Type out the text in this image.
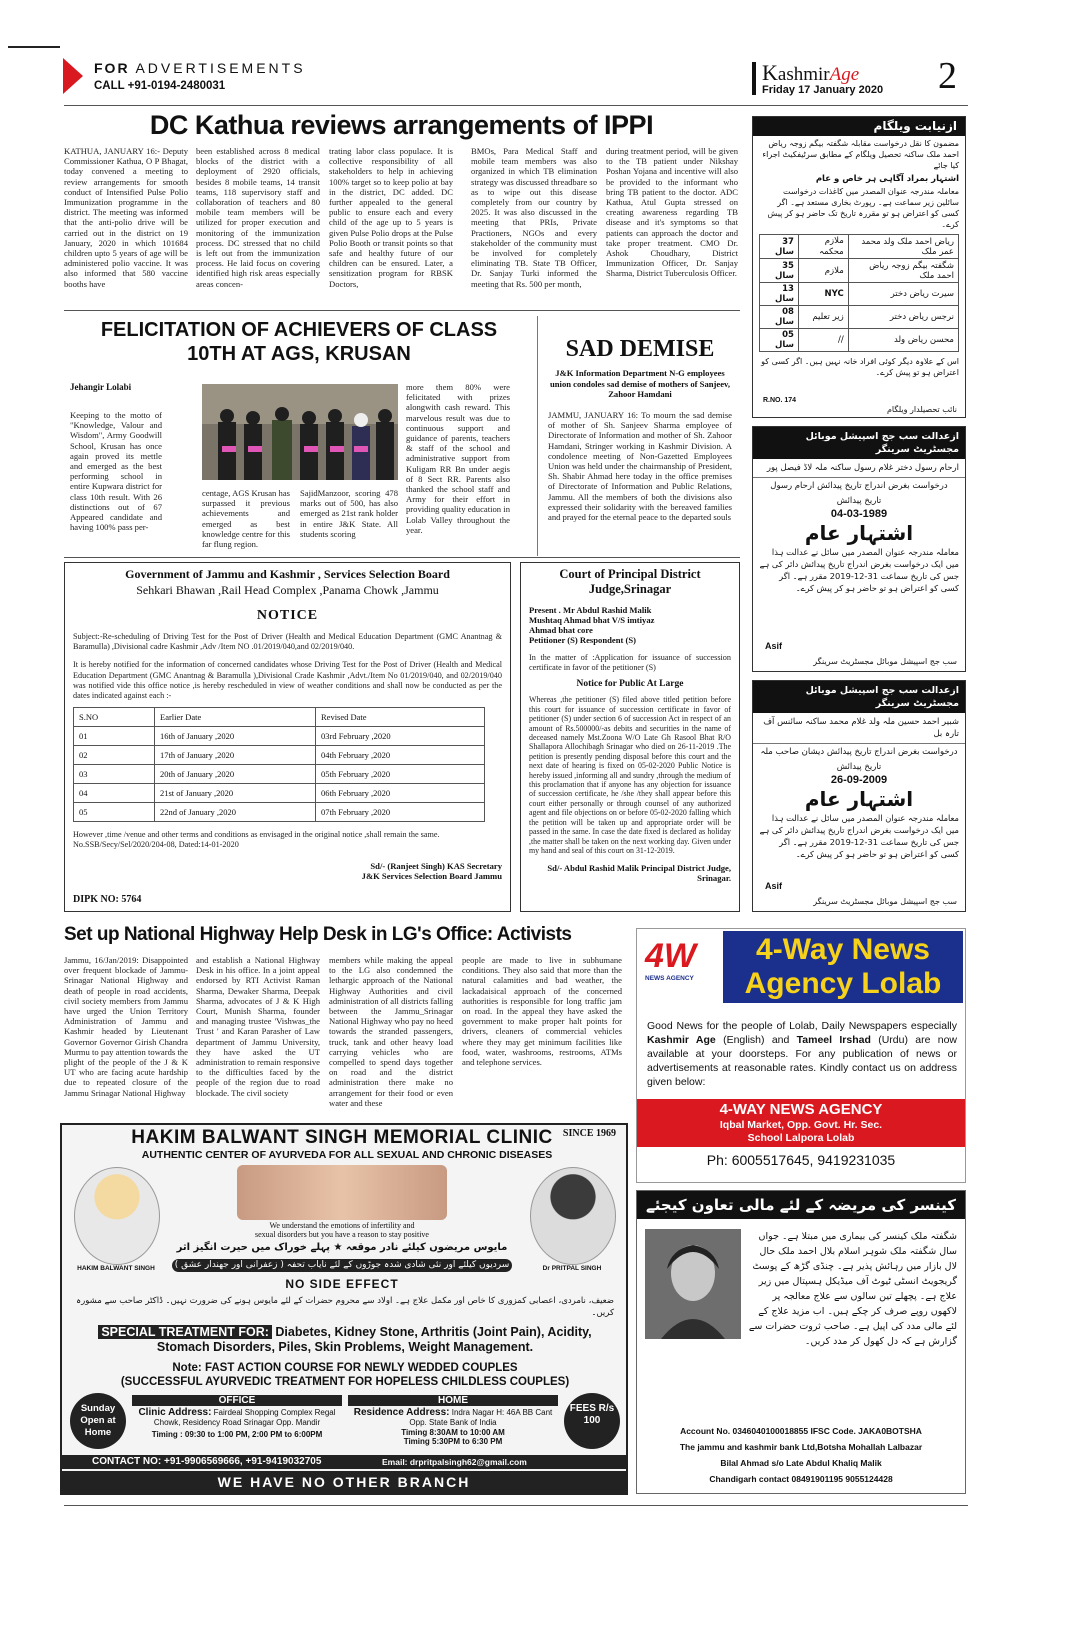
FOR ADVERTISEMENTS
CALL +91-0194-2480031
KashmirAge
Friday 17 January 2020 2
DC Kathua reviews arrangements of IPPI
KATHUA, JANUARY 16:- Deputy Commissioner Kathua, O P Bhagat, today convened a meeting to review arrangements for smooth conduct of Intensified Pulse Polio Immunization programme in the district. The meeting was informed that the anti-polio drive will be carried out in the district on 19 January, 2020 in which 101684 children upto 5 years of age will be administered polio vaccine. It was also informed that 580 vaccine booths have
been established across 8 medical blocks of the district with a deployment of 2920 officials, besides 8 mobile teams, 14 transit teams, 118 supervisory staff and collaboration of teachers and 80 mobile team members will be utilized for proper execution and monitoring of the immunization process. DC stressed that no child is left out from the immunization process. He laid focus on covering identified high risk areas especially areas concen-
trating labor class populace. It is collective responsibility of all stakeholders to help in achieving 100% target so to keep polio at bay in the district, DC added. DC further appealed to the general public to ensure each and every child of the age up to 5 years is given Pulse Polio drops at the Pulse Polio Booth or transit points so that safe and healthy future of our children can be ensured. Later, a sensitization program for RBSK Doctors,
BMOs, Para Medical Staff and mobile team members was also organized in which TB elimination strategy was discussed threadbare so as to wipe out this disease completely from our country by 2025. It was also discussed in the meeting that PRIs, Private Practioners, NGOs and every stakeholder of the community must be involved for completely eliminating TB. State TB Officer, Dr. Sanjay Turki informed the meeting that Rs. 500 per month,
during treatment period, will be given to the TB patient under Nikshay Poshan Yojana and incentive will also be provided to the informant who bring TB patient to the doctor. ADC Kathua, Atul Gupta stressed on creating awareness regarding TB disease and it's symptoms so that patients can approach the doctor and take proper treatment. CMO Dr. Ashok Choudhary, District Immunization Officer, Dr. Sanjay Sharma, District Tuberculosis Officer.
FELICITATION OF ACHIEVERS OF CLASS
10TH AT AGS, KRUSAN
Jehangir Lolabi
Keeping to the motto of "Knowledge, Valour and Wisdom", Army Goodwill School, Krusan has once again proved its mettle and emerged as the best performing school in entire Kupwara district for class 10th result. With 26 distinctions out of 67 Appeared candidate and having 100% pass per-
centage, AGS Krusan has surpassed it previous achievements and emerged as best knowledge centre for this far flung region.
SajidManzoor, scoring 478 marks out of 500, has also emerged as 21st rank holder in entire J&K State. All students scoring
more them 80% were felicitated with prizes alongwith cash reward. This marvelous result was due to continuous support and guidance of parents, teachers & staff of the school and administrative support from Kuligam RR Bn under aegis of 8 Sect RR. Parents also thanked the school staff and Army for their effort in providing quality education in Lolab Valley throughout the year.
SAD DEMISE
J&K Information Department N-G employees union condoles sad demise of mothers of Sanjeev, Zahoor Hamdani
JAMMU, JANUARY 16: To mourn the sad demise of mother of Sh. Sanjeev Sharma employee of Directorate of Information and mother of Sh. Zahoor Hamdani, Stringer working in Kashmir Division. A condolence meeting of Non-Gazetted Employees Union was held under the chairmanship of President, Sh. Shabir Ahmad here today in the office premises of Directorate of Information and Public Relations, Jammu. All the members of both the divisions also expressed their solidarity with the bereaved families and prayed for the eternal peace to the departed souls
Government of Jammu and Kashmir , Services Selection Board
Sehkari Bhawan ,Rail Head Complex ,Panama Chowk ,Jammu
NOTICE
Subject:-Re-scheduling of Driving Test for the Post of Driver (Health and Medical Education Department (GMC Anantnag & Baramulla) ,Divisional cadre Kashmir ,Adv /Item NO .01/2019/040,and 02/2019/040.
It is hereby notified for the information of concerned candidates whose Driving Test for the Post of Driver (Health and Medical Education Department (GMC Anantnag & Baramulla ),Divisional Crade Kashmir ,Advt./Item No 01/2019/040, and 02/2019/040 was notified vide this office notice ,is hereby rescheduled in view of weather conditions and shall now be conducted as per the dates indicated against each :-
S.NO	Earlier Date	Revised Date
01	16th of January ,2020	03rd February ,2020
02	17th of January ,2020	04th February ,2020
03	20th of January ,2020	05th February ,2020
04	21st of January ,2020	06th February ,2020
05	22nd of January ,2020	07th February ,2020
However ,time /venue and other terms and conditions as envisaged in the original notice ,shall remain the same.
No.SSB/Secy/Sel/2020/204-08, Dated:14-01-2020
Sd/- (Ranjeet Singh) KAS Secretary
J&K Services Selection Board Jammu
DIPK NO: 5764
Court of Principal District
Judge,Srinagar
Present . Mr Abdul Rashid Malik
Mushtaq Ahmad bhat V/S imtiyaz
Ahmad bhat core
Petitioner (S) Respondent (S)
In the matter of :Application for issuance of succession certificate in favor of the petitioner (S)
Notice for Public At Large
Whereas ,the petitioner (S) filed above titled petition before this court for issuance of succession certificate in favor of petitioner (S) under section 6 of succession Act in respect of an amount of Rs.500000/-as debits and securities in the name of deceased namely Mst.Zoona W/O Late Gh Rasool Bhat R/O Shallapora Allochibagh Srinagar who died on 26-11-2019 .The petition is presently pending disposal before this court and the next date of hearing is fixed on 05-02-2020 Public Notice is hereby issued ,informing all and sundry ,through the medium of this proclamation that if anyone has any objection for issuance of succession certificate, he /she /they shall appear before this court either personally or through counsel of any authorized agent and file objections on or before 05-02-2020 falling which the petition will be taken up and appropriate order will be passed in the same. In case the date fixed is declared as holiday ,the matter shall be taken on the next working day. Given under my hand and seal of this court on 31-12-2019.
Sd/- Abdul Rashid Malik Principal District Judge, Srinagar.
Set up National Highway Help Desk in LG's Office: Activists
Jammu, 16/Jan/2019: Disappointed over frequent blockade of Jammu-Srinagar National Highway and death of people in road accidents, civil society members from Jammu have urged the Union Territory Administration of Jammu and Kashmir headed by Lieutenant Governor Governor Girish Chandra Murmu to pay attention towards the plight of the people of the J & K UT who are facing acute hardship due to repeated closure of the Jammu Srinagar National Highway
and establish a National Highway Desk in his office. In a joint appeal endorsed by RTI Activist Raman Sharma, Dewaker Sharma, Deepak Sharma, advocates of J & K High Court, Munish Sharma, founder and managing trustee 'Vishwas_the Trust ' and Karan Parasher of Law department of Jammu University, they have asked the UT administration to remain responsive to the difficulties faced by the people of the region due to road blockade. The civil society
members while making the appeal to the LG also condemned the lethargic approach of the National Highway Authorities and civil administration of all districts falling between the Jammu_Srinagar National Highway who pay no heed towards the stranded passengers, truck, tank and other heavy load carrying vehicles who are compelled to spend days together on road and the district administration there make no arrangement for their food or even water and these
people are made to live in subhumane conditions. They also said that more than the natural calamities and bad weather, the lackadaisical approach of the concerned authorities is responsible for long traffic jam on road. In the appeal they have asked the government to make proper halt points for drivers, cleaners of commercial vehicles where they may get minimum facilities like food, water, washrooms, restrooms, ATMs and telephone services.
HAKIM BALWANT SINGH MEMORIAL CLINIC	SINCE 1969
AUTHENTIC CENTER OF AYURVEDA FOR ALL SEXUAL AND CHRONIC DISEASES
HAKIM BALWANT SINGH	Dr PRITPAL SINGH
We understand the emotions of infertility and
sexual disorders but you have a reason to stay positive
مایوس مریضوں کیلئے نادر موقعہ ★ پہلے خوراک میں حیرت انگیز اثر
سردیوں کیلئے اور نئی شادی شدہ جوڑوں کے لئے نایاب تحفہ ( زعفرانی اور جھندار عشق )
NO SIDE EFFECT
ضعیف، نامردی، اعصابی کمزوری کا خاص اور مکمل علاج ہے۔ اولاد سے محروم حضرات کے لئے مایوس ہونے کی ضرورت نہیں۔ ڈاکٹر صاحب سے مشورہ کریں۔
SPECIAL TREATMENT FOR: Diabetes, Kidney Stone, Arthritis (Joint Pain), Acidity,
Stomach Disorders, Piles, Skin Problems, Weight Management.
Note: FAST ACTION COURSE FOR NEWLY WEDDED COUPLES
(SUCCESSFUL AYURVEDIC TREATMENT FOR HOPELESS CHILDLESS COUPLES)
Sunday Open at Home
OFFICE
Clinic Address: Fairdeal Shopping Complex Regal Chowk, Residency Road Srinagar Opp. Mandir
Timing : 09:30 to 1:00 PM, 2:00 PM to 6:00PM
HOME
Residence Address: Indra Nagar H: 46A BB Cant Opp. State Bank of India
Timing 8:30AM to 10:00 AM
Timing 5:30PM to 6:30 PM
FEES R/s 100
CONTACT NO: +91-9906569666, +91-9419032705	Email: drpritpalsingh62@gmail.com
WE HAVE NO OTHER BRANCH
ازنیابت ویلگام
مضمون کا نقل درخواست مقابلہ شگفتہ بیگم زوجہ ریاض احمد ملک ساکنہ تحصیل ویلگام کے مطابق سرٹیفکیٹ اجراء کیا جائے
اشتہار بمراد آگاہی ہر خاص و عام
معاملہ مندرجہ عنوان المصدر میں کاغذات درخواست سائلین زیر سماعت ہے۔ رپورٹ بخاری مستعد ہے۔ اگر کسی کو اعتراض ہو تو مقررہ تاریخ تک حاضر ہو کر پیش کرے۔
ریاض احمد ملک ولد محمد عمر ملک	ملازم محکمہ	37 سال
شگفتہ بیگم زوجہ ریاض احمد ملک	ملازم	35 سال
سیرت ریاض دختر	NYC	13 سال
نرجس ریاض دختر	زیر تعلیم	08 سال
محسن ریاض ولد	//	05 سال
اس کے علاوہ دیگر کوئی افراد خانہ نہیں ہیں۔ اگر کسی کو اعتراض ہو تو پیش کرے۔
R.NO. 174
نائب تحصیلدار ویلگام
ازعدالت سب جج اسپیشل موبائل مجسٹریٹ سرینگر
ارحام رسول دختر غلام رسول ساکنہ ملہ لاڈ فیصل پور
درخواست بغرض اندراج تاریخ پیدائش ارحام رسول
تاریخ پیدائش
04-03-1989
اشتہار عام
معاملہ مندرجہ عنوان المصدر میں سائل نے عدالت ہذا میں ایک درخواست بغرض اندراج تاریخ پیدائش دائر کی ہے جس کی تاریخ سماعت 31-12-2019 مقرر ہے۔ اگر کسی کو اعتراض ہو تو حاضر ہو کر پیش کرے۔
Asif
سب جج اسپیشل موبائل مجسٹریٹ سرینگر
ازعدالت سب جج اسپیشل موبائل مجسٹریٹ سرینگر
شبیر احمد حسین ملہ ولد غلام محمد ساکنہ سائنس آف تارہ بل
درخواست بغرض اندراج تاریخ پیدائش دیشان صاحب ملہ
تاریخ پیدائش
26-09-2009
اشتہار عام
معاملہ مندرجہ عنوان المصدر میں سائل نے عدالت ہذا میں ایک درخواست بغرض اندراج تاریخ پیدائش دائر کی ہے جس کی تاریخ سماعت 31-12-2019 مقرر ہے۔ اگر کسی کو اعتراض ہو تو حاضر ہو کر پیش کرے۔
Asif
سب جج اسپیشل موبائل مجسٹریٹ سرینگر
4W
NEWS AGENCY
4-Way News
Agency Lolab
Good News for the people of Lolab, Daily Newspapers especially Kashmir Age (English) and Tameel Irshad (Urdu) are now available at your doorsteps. For any publication of news or advertisements at reasonable rates. Kindly contact us on address given below:
4-WAY NEWS AGENCY
Iqbal Market, Opp. Govt. Hr. Sec.
School Lalpora Lolab
Ph: 6005517645, 9419231035
کینسر کی مریضہ کے لئے مالی تعاون کیجئے
شگفتہ ملک کینسر کی بیماری میں مبتلا ہے۔ جواں سال شگفتہ ملک شوہر اسلام بلال احمد ملک حال لال بازار میں رہائش پذیر ہے۔ چنڈی گڑھ کے پوسٹ گریجویٹ انسٹی ٹیوٹ آف میڈیکل ہسپتال میں زیر علاج ہے۔ پچھلے تین سالوں سے علاج معالجہ پر لاکھوں روپے صرف کر چکے ہیں۔ اب مزید علاج کے لئے مالی مدد کی اپیل ہے۔ صاحب ثروت حضرات سے گزارش ہے کہ دل کھول کر مدد کریں۔
Account No. 0346040100018855 IFSC Code. JAKA0BOTSHA
The jammu and kashmir bank Ltd,Botsha Mohallah Lalbazar
Bilal Ahmad s/o Late Abdul Khaliq Malik
Chandigarh contact 08491901195 9055124428
